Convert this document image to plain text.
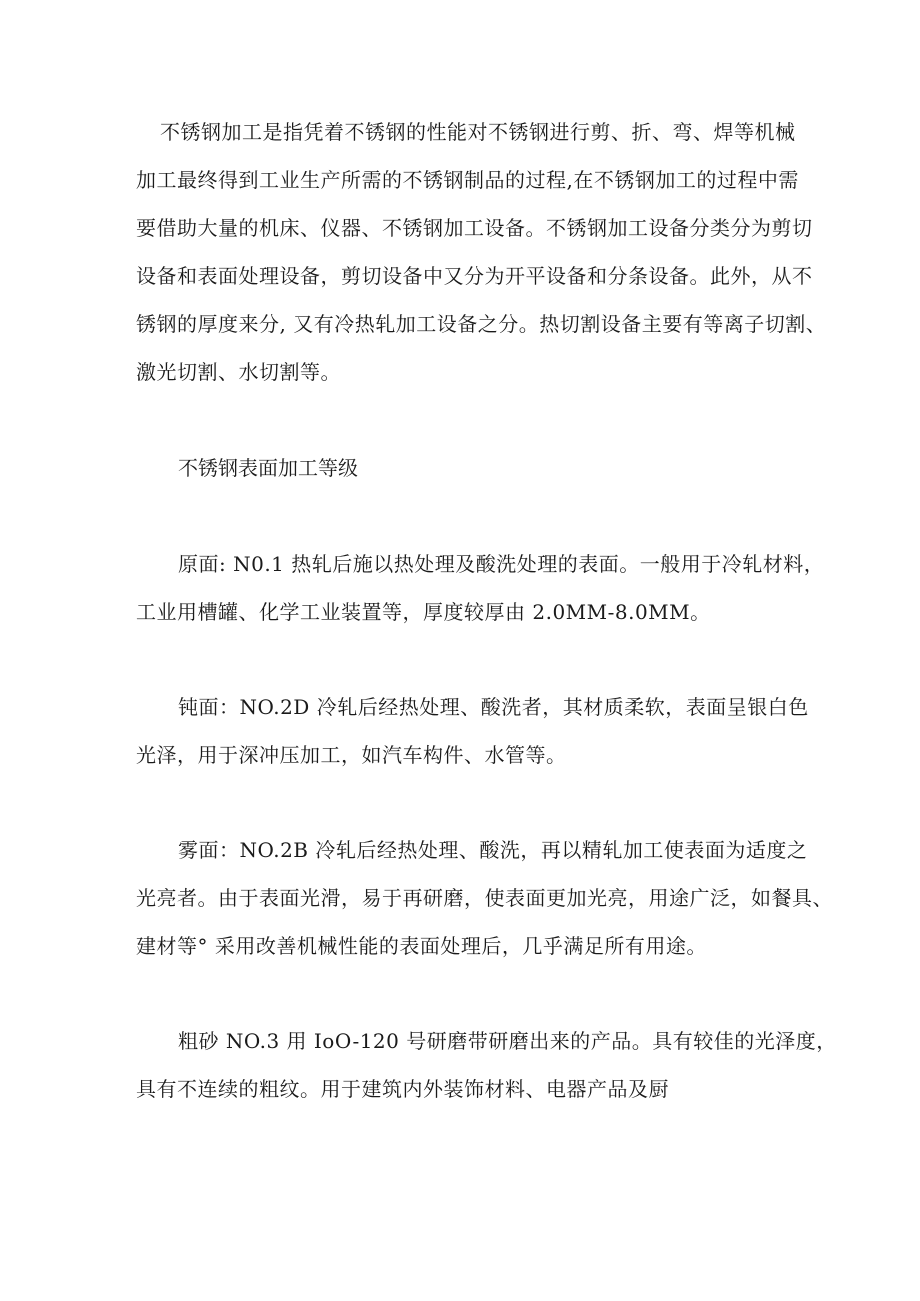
不锈钢加工是指凭着不锈钢的性能对不锈钢进行剪、折、弯、焊等机械
加工最终得到工业生产所需的不锈钢制品的过程,在不锈钢加工的过程中需
要借助大量的机床、仪器、不锈钢加工设备。不锈钢加工设备分类分为剪切
设备和表面处理设备，剪切设备中又分为开平设备和分条设备。此外，从不
锈钢的厚度来分, 又有冷热轧加工设备之分。热切割设备主要有等离子切割、
激光切割、水切割等。
不锈钢表面加工等级
原面: N0.1 热轧后施以热处理及酸洗处理的表面。一般用于冷轧材料，
工业用槽罐、化学工业装置等，厚度较厚由 2.0MM-8.0MM。
钝面：NO.2D 冷轧后经热处理、酸洗者，其材质柔软，表面呈银白色
光泽，用于深冲压加工，如汽车构件、水管等。
雾面：NO.2B 冷轧后经热处理、酸洗，再以精轧加工使表面为适度之
光亮者。由于表面光滑，易于再研磨，使表面更加光亮，用途广泛，如餐具、
建材等° 采用改善机械性能的表面处理后，几乎满足所有用途。
粗砂 NO.3 用 IoO-120 号研磨带研磨出来的产品。具有较佳的光泽度，
具有不连续的粗纹。用于建筑内外装饰材料、电器产品及厨
